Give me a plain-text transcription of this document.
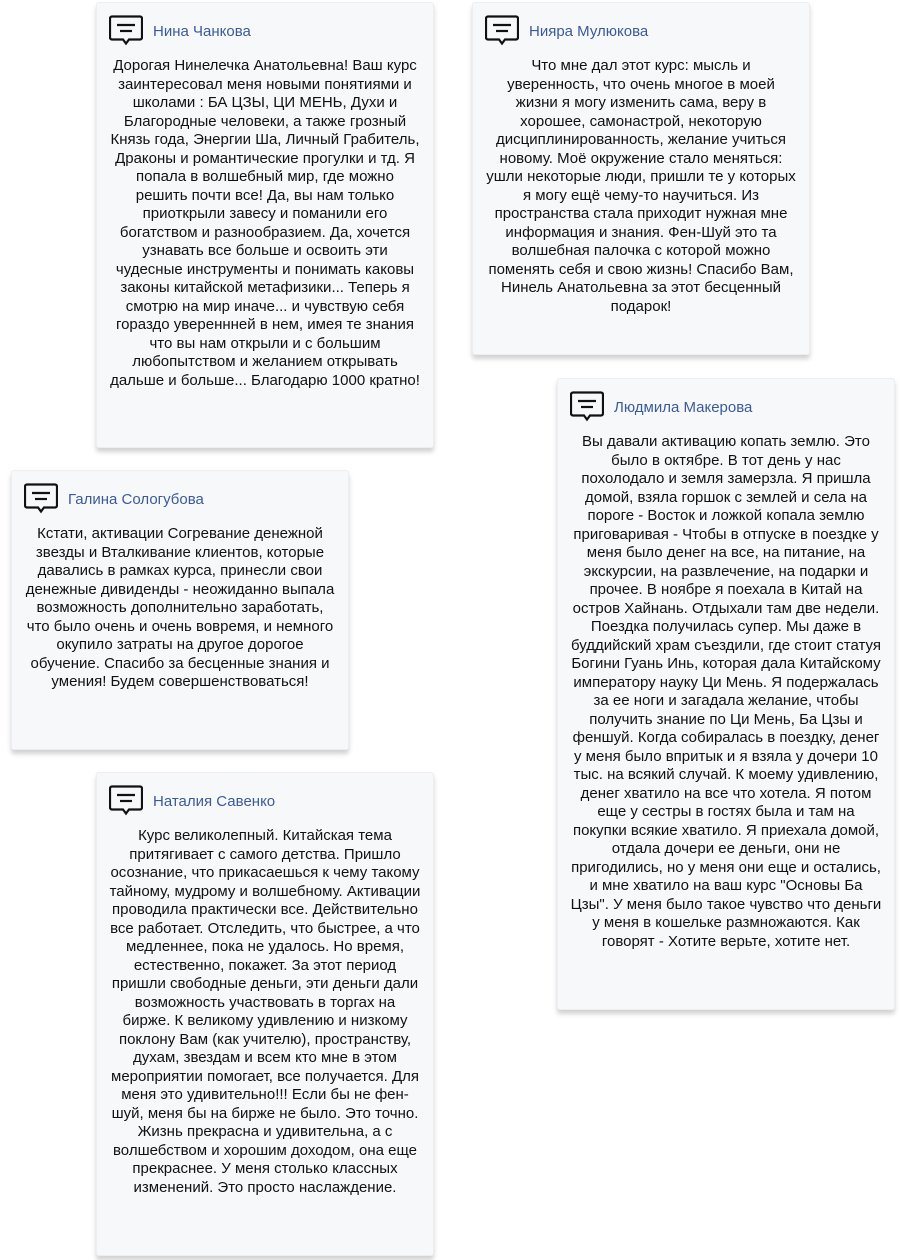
Нина Чанкова

Дорогая Нинелечка Анатольевна! Ваш курс заинтересовал меня новыми понятиями и школами : БА ЦЗЫ, ЦИ МЕНЬ, Духи и Благородные человеки, а также грозный Князь года, Энергии Ша, Личный Грабитель, Драконы и романтические прогулки и тд. Я попала в волшебный мир, где можно решить почти все! Да, вы нам только приоткрыли завесу и поманили его богатством и разнообразием. Да, хочется узнавать все больше и освоить эти чудесные инструменты и понимать каковы законы китайской метафизики... Теперь я смотрю на мир иначе... и чувствую себя гораздо увереннней в нем, имея те знания что вы нам открыли и с большим любопытством и желанием открывать дальше и больше... Благодарю 1000 кратно!

Нияра Мулюкова

Что мне дал этот курс: мысль и уверенность, что очень многое в моей жизни я могу изменить сама, веру в хорошее, самонастрой, некоторую дисциплинированность, желание учиться новому. Моё окружение стало меняться: ушли некоторые люди, пришли те у которых я могу ещё чему-то научиться. Из пространства стала приходит нужная мне информация и знания. Фен-Шуй это та волшебная палочка с которой можно поменять себя и свою жизнь! Спасибо Вам, Нинель Анатольевна за этот бесценный подарок!

Галина Сологубова

Кстати, активации Согревание денежной звезды и Вталкивание клиентов, которые давались в рамках курса, принесли свои денежные дивиденды - неожиданно выпала возможность дополнительно заработать, что было очень и очень вовремя, и немного окупило затраты на другое дорогое обучение. Спасибо за бесценные знания и умения! Будем совершенствоваться!

Наталия Савенко

Курс великолепный. Китайская тема притягивает с самого детства. Пришло осознание, что прикасаешься к чему такому тайному, мудрому и волшебному. Активации проводила практически все. Действительно все работает. Отследить, что быстрее, а что медленнее, пока не удалось. Но время, естественно, покажет. За этот период пришли свободные деньги, эти деньги дали возможность участвовать в торгах на бирже. К великому удивлению и низкому поклону Вам (как учителю), пространству, духам, звездам и всем кто мне в этом мероприятии помогает, все получается. Для меня это удивительно!!! Если бы не фен-шуй, меня бы на бирже не было. Это точно. Жизнь прекрасна и удивительна, а с волшебством и хорошим доходом, она еще прекраснее. У меня столько классных изменений. Это просто наслаждение.

Людмила Макерова

Вы давали активацию копать землю. Это было в октябре. В тот день у нас похолодало и земля замерзла. Я пришла домой, взяла горшок с землей и села на пороге - Восток и ложкой копала землю приговаривая - Чтобы в отпуске в поездке у меня было денег на все, на питание, на экскурсии, на развлечение, на подарки и прочее. В ноябре я поехала в Китай на остров Хайнань. Отдыхали там две недели. Поездка получилась супер. Мы даже в буддийский храм съездили, где стоит статуя Богини Гуань Инь, которая дала Китайскому императору науку Ци Мень. Я подержалась за ее ноги и загадала желание, чтобы получить знание по Ци Мень, Ба Цзы и феншуй. Когда собиралась в поездку, денег у меня было впритык и я взяла у дочери 10 тыс. на всякий случай. К моему удивлению, денег хватило на все что хотела. Я потом еще у сестры в гостях была и там на покупки всякие хватило. Я приехала домой, отдала дочери ее деньги, они не пригодились, но у меня они еще и остались, и мне хватило на ваш курс "Основы Ба Цзы". У меня было такое чувство что деньги у меня в кошельке размножаются. Как говорят - Хотите верьте, хотите нет.
